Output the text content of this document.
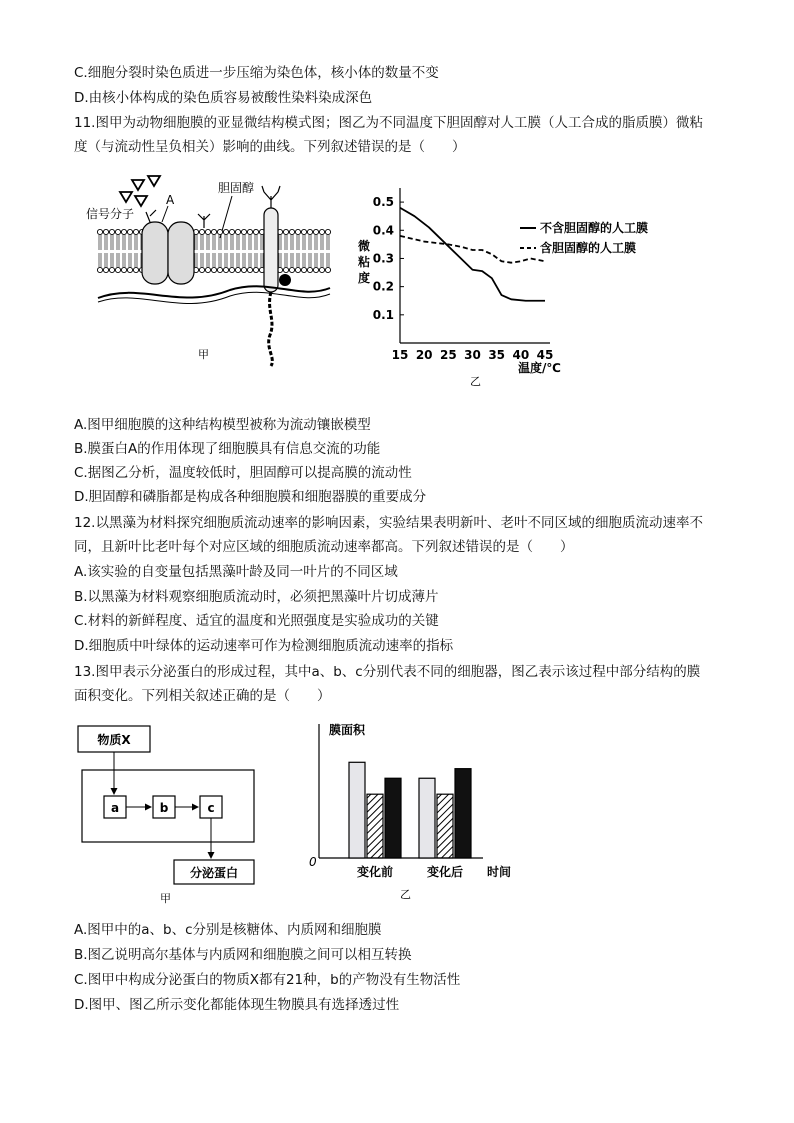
C.细胞分裂时染色质进一步压缩为染色体，核小体的数量不变
D.由核小体构成的染色质容易被酸性染料染成深色
11.图甲为动物细胞膜的亚显微结构模式图；图乙为不同温度下胆固醇对人工膜（人工合成的脂质膜）微粘
度（与流动性呈负相关）影响的曲线。下列叙述错误的是（　　）
信号分子
A
胆固醇
甲
0.1
0.2
0.3
0.4
0.5
15 20 25 30 35 40 45
微粘度
温度/℃
乙
不含胆固醇的人工膜
含胆固醇的人工膜
A.图甲细胞膜的这种结构模型被称为流动镶嵌模型
B.膜蛋白A的作用体现了细胞膜具有信息交流的功能
C.据图乙分析，温度较低时，胆固醇可以提高膜的流动性
D.胆固醇和磷脂都是构成各种细胞膜和细胞器膜的重要成分
12.以黑藻为材料探究细胞质流动速率的影响因素，实验结果表明新叶、老叶不同区域的细胞质流动速率不
同，且新叶比老叶每个对应区域的细胞质流动速率都高。下列叙述错误的是（　　）
A.该实验的自变量包括黑藻叶龄及同一叶片的不同区域
B.以黑藻为材料观察细胞质流动时，必须把黑藻叶片切成薄片
C.材料的新鲜程度、适宜的温度和光照强度是实验成功的关键
D.细胞质中叶绿体的运动速率可作为检测细胞质流动速率的指标
13.图甲表示分泌蛋白的形成过程，其中a、b、c分别代表不同的细胞器，图乙表示该过程中部分结构的膜
面积变化。下列相关叙述正确的是（　　）
物质X
a	b	c
分泌蛋白
甲
变化前	变化后
膜面积
时间
0
乙
A.图甲中的a、b、c分别是核糖体、内质网和细胞膜
B.图乙说明高尔基体与内质网和细胞膜之间可以相互转换
C.图甲中构成分泌蛋白的物质X都有21种，b的产物没有生物活性
D.图甲、图乙所示变化都能体现生物膜具有选择透过性
